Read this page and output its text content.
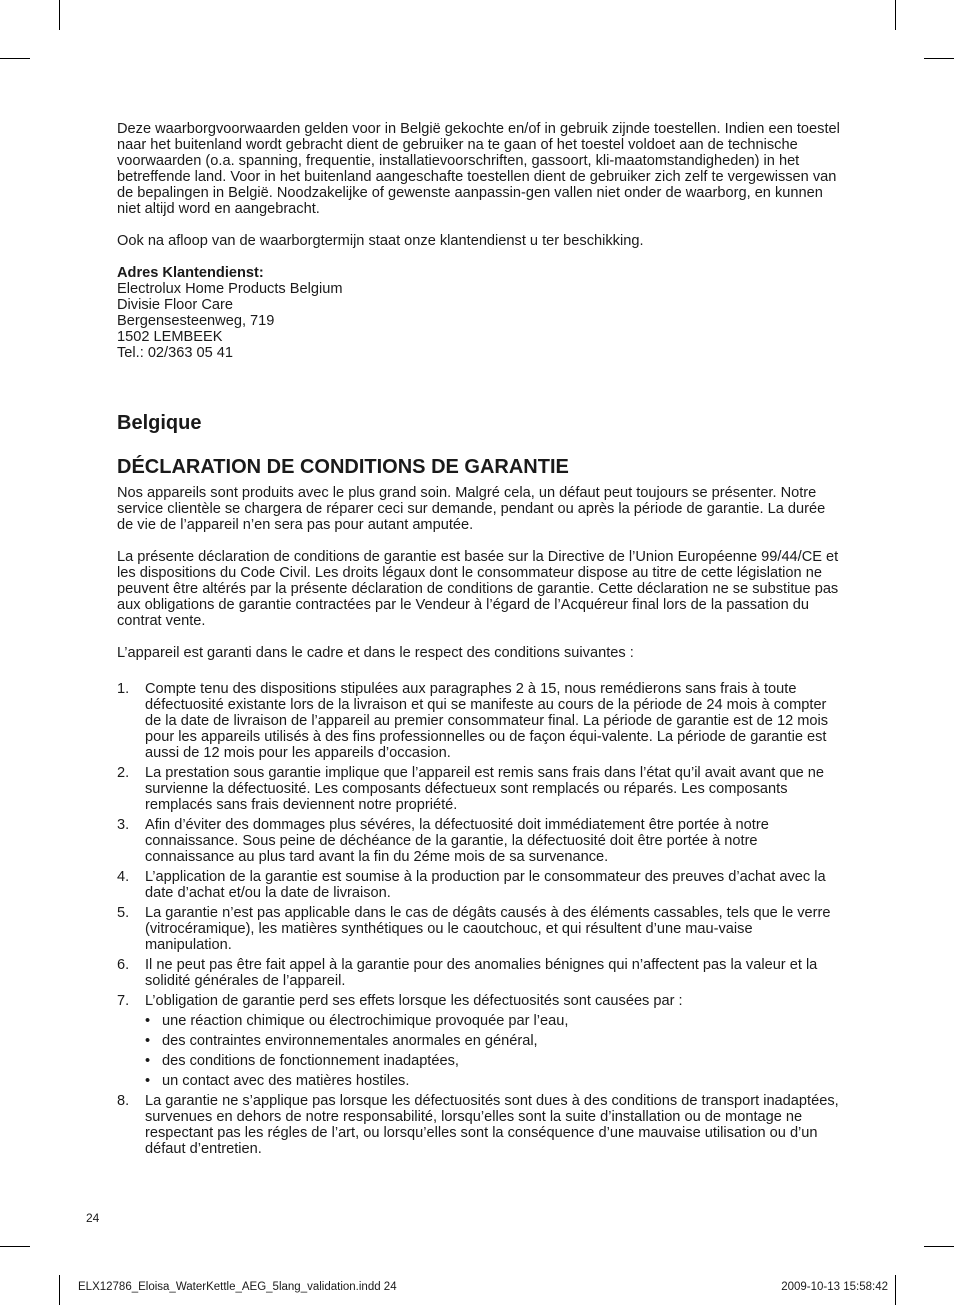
Deze waarborgvoorwaarden gelden voor in België gekochte en/of in gebruik zijnde toestellen. Indien een toestel naar het buitenland wordt gebracht dient de gebruiker na te gaan of het toestel voldoet aan de technische voorwaarden (o.a. spanning, frequentie, installatievoorschriften, gassoort, kli-maatomstandigheden) in het betreffende land. Voor in het buitenland aangeschafte toestellen dient de gebruiker zich zelf te vergewissen van de bepalingen in België. Noodzakelijke of gewenste aanpassin-gen vallen niet onder de waarborg, en kunnen niet altijd word en aangebracht.

Ook na afloop van de waarborgtermijn staat onze klantendienst u ter beschikking.

Adres Klantendienst:

Electrolux Home Products Belgium

Divisie Floor Care

Bergensesteenweg, 719

1502 LEMBEEK

Tel.: 02/363 05 41

Belgique
DÉCLARATION DE CONDITIONS DE GARANTIE

Nos appareils sont produits avec le plus grand soin. Malgré cela, un défaut peut toujours se présenter. Notre service clientèle se chargera de réparer ceci sur demande, pendant ou après la période de garantie. La durée de vie de l’appareil n’en sera pas pour autant amputée.

La présente déclaration de conditions de garantie est basée sur la Directive de l’Union Européenne 99/44/CE et les dispositions du Code Civil. Les droits légaux dont le consommateur dispose au titre de cette législation ne peuvent être altérés par la présente déclaration de conditions de garantie. Cette déclaration ne se substitue pas aux obligations de garantie contractées par le Vendeur à l’égard de l’Acquéreur final lors de la passation du contrat vente.

L’appareil est garanti dans le cadre et dans le respect des conditions suivantes :

1. Compte tenu des dispositions stipulées aux paragraphes 2 à 15, nous remédierons sans frais à toute défectuosité existante lors de la livraison et qui se manifeste au cours de la période de 24 mois à compter de la date de livraison de l’appareil au premier consommateur final. La période de garantie est de 12 mois pour les appareils utilisés à des fins professionnelles ou de façon équi-valente. La période de garantie est aussi de 12 mois pour les appareils d’occasion.
2. La prestation sous garantie implique que l’appareil est remis sans frais dans l’état qu’il avait avant que ne survienne la défectuosité. Les composants défectueux sont remplacés ou réparés. Les composants remplacés sans frais deviennent notre propriété.
3. Afin d’éviter des dommages plus sévéres, la défectuosité doit immédiatement être portée à notre connaissance. Sous peine de déchéance de la garantie, la défectuosité doit être portée à notre connaissance au plus tard avant la fin du 2éme mois de sa survenance.
4. L’application de la garantie est soumise à la production par le consommateur des preuves d’achat avec la date d’achat et/ou la date de livraison.
5. La garantie n’est pas applicable dans le cas de dégâts causés à des éléments cassables, tels que le verre (vitrocéramique), les matières synthétiques ou le caoutchouc, et qui résultent d’une mau-vaise manipulation.
6. Il ne peut pas être fait appel à la garantie pour des anomalies bénignes qui n’affectent pas la valeur et la solidité générales de l’appareil.
7. L’obligation de garantie perd ses effets lorsque les défectuosités sont causées par :
• une réaction chimique ou électrochimique provoquée par l’eau,
• des contraintes environnementales anormales en général,
• des conditions de fonctionnement inadaptées,
• un contact avec des matières hostiles.
8. La garantie ne s’applique pas lorsque les défectuosités sont dues à des conditions de transport inadaptées, survenues en dehors de notre responsabilité, lorsqu’elles sont la suite d’installation ou de montage ne respectant pas les régles de l’art, ou lorsqu’elles sont la conséquence d’une mauvaise utilisation ou d’un défaut d’entretien.
24
ELX12786_Eloisa_WaterKettle_AEG_5lang_validation.indd 24	2009-10-13 15:58:42
